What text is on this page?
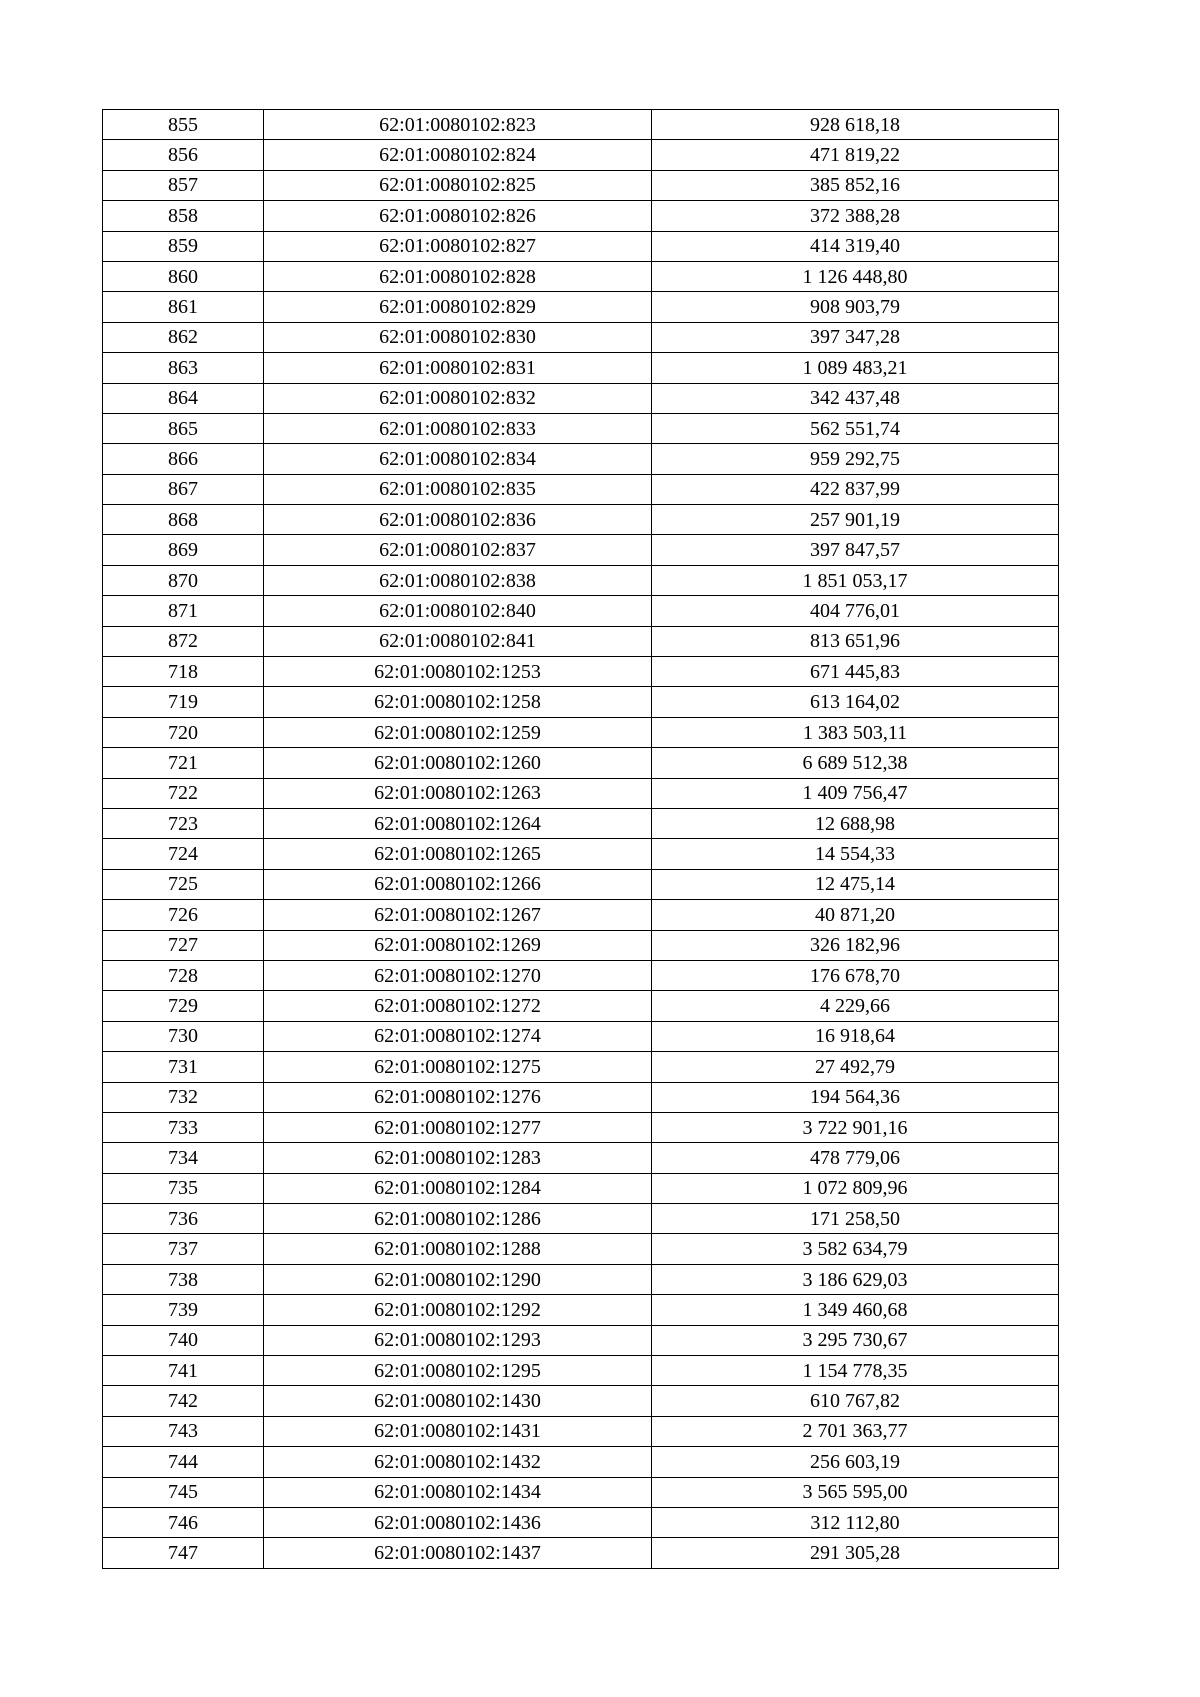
855	62:01:0080102:823	928 618,18
856	62:01:0080102:824	471 819,22
857	62:01:0080102:825	385 852,16
858	62:01:0080102:826	372 388,28
859	62:01:0080102:827	414 319,40
860	62:01:0080102:828	1 126 448,80
861	62:01:0080102:829	908 903,79
862	62:01:0080102:830	397 347,28
863	62:01:0080102:831	1 089 483,21
864	62:01:0080102:832	342 437,48
865	62:01:0080102:833	562 551,74
866	62:01:0080102:834	959 292,75
867	62:01:0080102:835	422 837,99
868	62:01:0080102:836	257 901,19
869	62:01:0080102:837	397 847,57
870	62:01:0080102:838	1 851 053,17
871	62:01:0080102:840	404 776,01
872	62:01:0080102:841	813 651,96
718	62:01:0080102:1253	671 445,83
719	62:01:0080102:1258	613 164,02
720	62:01:0080102:1259	1 383 503,11
721	62:01:0080102:1260	6 689 512,38
722	62:01:0080102:1263	1 409 756,47
723	62:01:0080102:1264	12 688,98
724	62:01:0080102:1265	14 554,33
725	62:01:0080102:1266	12 475,14
726	62:01:0080102:1267	40 871,20
727	62:01:0080102:1269	326 182,96
728	62:01:0080102:1270	176 678,70
729	62:01:0080102:1272	4 229,66
730	62:01:0080102:1274	16 918,64
731	62:01:0080102:1275	27 492,79
732	62:01:0080102:1276	194 564,36
733	62:01:0080102:1277	3 722 901,16
734	62:01:0080102:1283	478 779,06
735	62:01:0080102:1284	1 072 809,96
736	62:01:0080102:1286	171 258,50
737	62:01:0080102:1288	3 582 634,79
738	62:01:0080102:1290	3 186 629,03
739	62:01:0080102:1292	1 349 460,68
740	62:01:0080102:1293	3 295 730,67
741	62:01:0080102:1295	1 154 778,35
742	62:01:0080102:1430	610 767,82
743	62:01:0080102:1431	2 701 363,77
744	62:01:0080102:1432	256 603,19
745	62:01:0080102:1434	3 565 595,00
746	62:01:0080102:1436	312 112,80
747	62:01:0080102:1437	291 305,28
